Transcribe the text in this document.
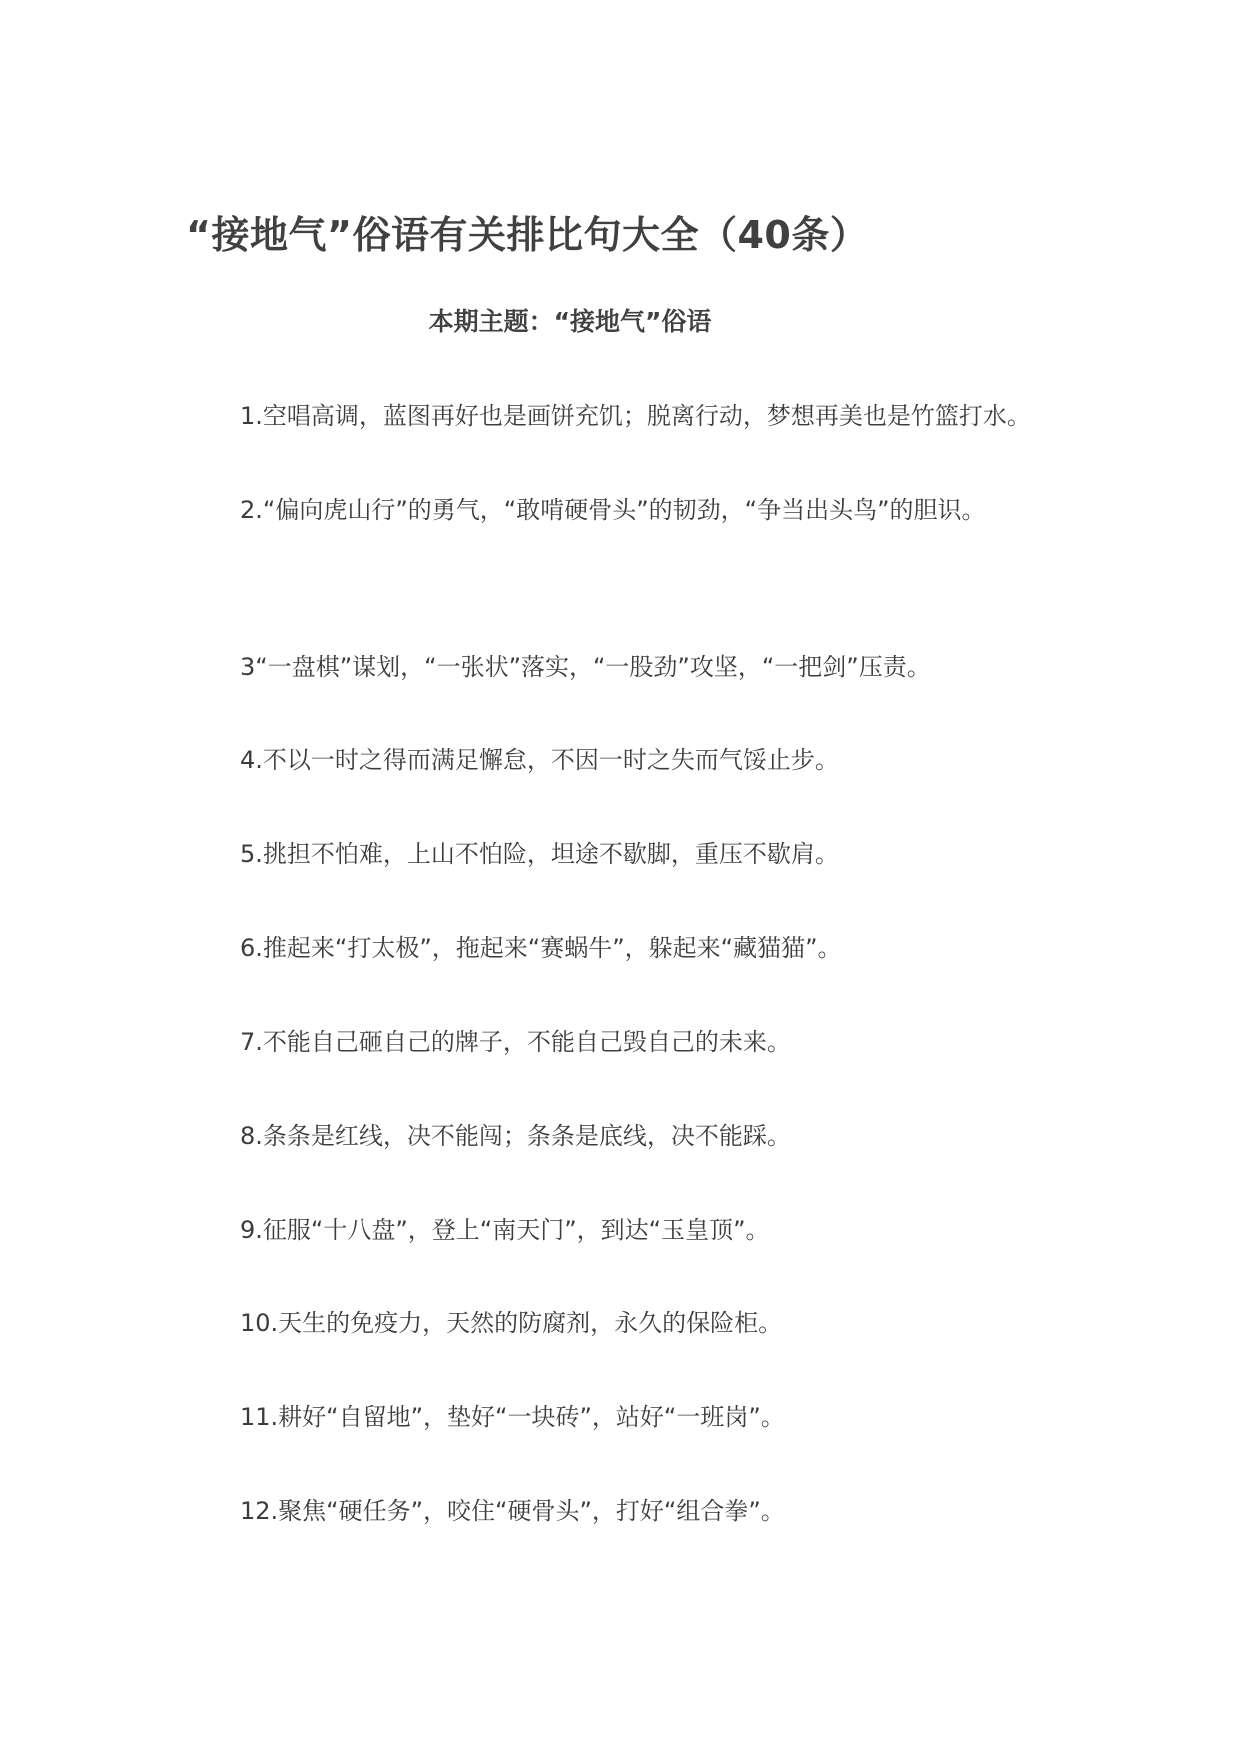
“接地气”俗语有关排比句大全（40条）
本期主题：“接地气”俗语

1.空唱高调，蓝图再好也是画饼充饥；脱离行动，梦想再美也是竹篮打水。

2.“偏向虎山行”的勇气，“敢啃硬骨头”的韧劲，“争当出头鸟”的胆识。

3“一盘棋”谋划，“一张状”落实，“一股劲”攻坚，“一把剑”压责。

4.不以一时之得而满足懈怠，不因一时之失而气馁止步。

5.挑担不怕难，上山不怕险，坦途不歇脚，重压不歇肩。

6.推起来“打太极”，拖起来“赛蜗牛”，躲起来“藏猫猫”。

7.不能自己砸自己的牌子，不能自己毁自己的未来。

8.条条是红线，决不能闯；条条是底线，决不能踩。

9.征服“十八盘”，登上“南天门”，到达“玉皇顶”。

10.天生的免疫力，天然的防腐剂，永久的保险柜。

11.耕好“自留地”，垫好“一块砖”，站好“一班岗”。

12.聚焦“硬任务”，咬住“硬骨头”，打好“组合拳”。
